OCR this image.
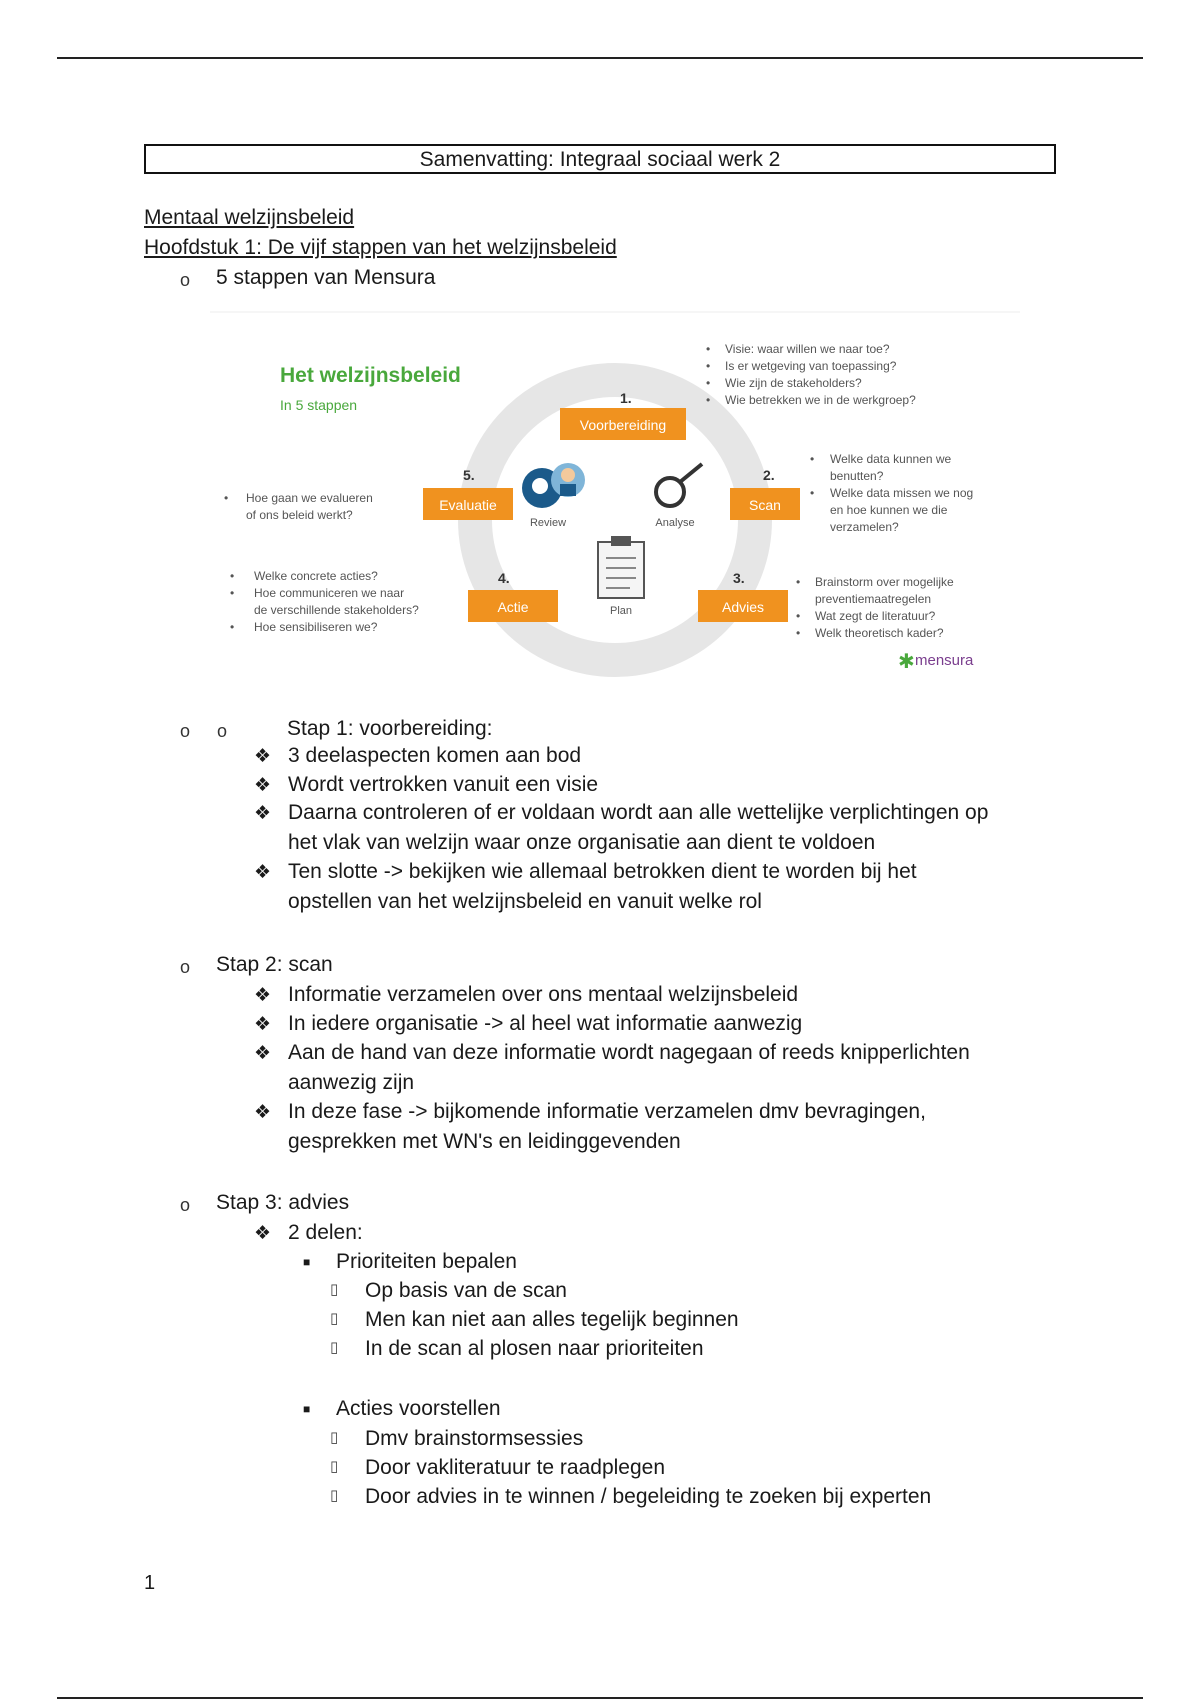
Samenvatting: Integraal sociaal werk 2
Mentaal welzijnsbeleid
Hoofdstuk 1: De vijf stappen van het welzijnsbeleid
o 5 stappen van Mensura
Het welzijnsbeleid
In 5 stappen	1.
2.
3.
4.
5.
Voorbereiding
Scan
Advies
Actie
Evaluatie
Review	Analyse
Plan
• Visie: waar willen we naar toe?
• Is er wetgeving van toepassing?
• Wie zijn de stakeholders?
• Wie betrekken we in de werkgroep?
• Welke data kunnen we
benutten?
• Welke data missen we nog
en hoe kunnen we die
verzamelen?
• Brainstorm over mogelijke
preventiemaatregelen
• Wat zegt de literatuur?
• Welk theoretisch kader?
• Hoe gaan we evalueren
of ons beleid werkt?
• Welke concrete acties?
• Hoe communiceren we naar
de verschillende stakeholders?
• Hoe sensibiliseren we?
✱ mensura
o o	Stap 1: voorbereiding:
❖ 3 deelaspecten komen aan bod
❖ Wordt vertrokken vanuit een visie
❖ Daarna controleren of er voldaan wordt aan alle wettelijke verplichtingen op
het vlak van welzijn waar onze organisatie aan dient te voldoen
❖ Ten slotte -> bekijken wie allemaal betrokken dient te worden bij het
opstellen van het welzijnsbeleid en vanuit welke rol
o Stap 2: scan
❖ Informatie verzamelen over ons mentaal welzijnsbeleid
❖ In iedere organisatie -> al heel wat informatie aanwezig
❖ Aan de hand van deze informatie wordt nagegaan of reeds knipperlichten
aanwezig zijn
❖ In deze fase -> bijkomende informatie verzamelen dmv bevragingen,
gesprekken met WN's en leidinggevenden
o Stap 3: advies
❖ 2 delen:
■ Prioriteiten bepalen
▯ Op basis van de scan
▯ Men kan niet aan alles tegelijk beginnen
▯ In de scan al plosen naar prioriteiten
■ Acties voorstellen
▯ Dmv brainstormsessies
▯ Door vakliteratuur te raadplegen
▯ Door advies in te winnen / begeleiding te zoeken bij experten
1
